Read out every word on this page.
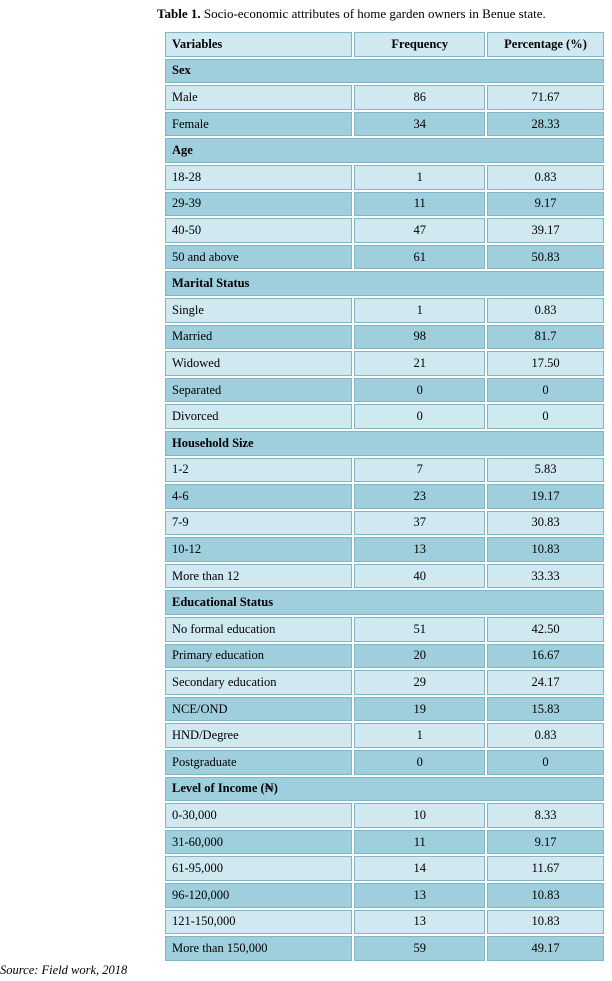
Table 1. Socio-economic attributes of home garden owners in Benue state.
Variables	Frequency	Percentage (%)
Sex		
Male	86	71.67
Female	34	28.33
Age		
18-28	1	0.83
29-39	11	9.17
40-50	47	39.17
50 and above	61	50.83
Marital Status		
Single	1	0.83
Married	98	81.7
Widowed	21	17.50
Separated	0	0
Divorced	0	0
Household Size		
1-2	7	5.83
4-6	23	19.17
7-9	37	30.83
10-12	13	10.83
More than 12	40	33.33
Educational Status		
No formal education	51	42.50
Primary education	20	16.67
Secondary education	29	24.17
NCE/OND	19	15.83
HND/Degree	1	0.83
Postgraduate	0	0
Level of Income (₦)		
0-30,000	10	8.33
31-60,000	11	9.17
61-95,000	14	11.67
96-120,000	13	10.83
121-150,000	13	10.83
More than 150,000	59	49.17
Source: Field work, 2018
